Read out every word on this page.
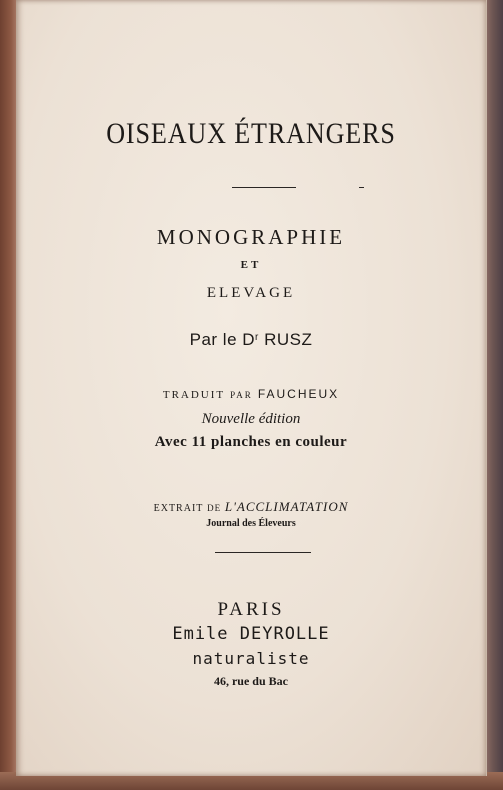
OISEAUX ÉTRANGERS
MONOGRAPHIE
ET
ELEVAGE
Par le $D^r$ RUSZ
TRADUIT PAR FAUCHEUX
Nouvelle édition
Avec 11 planches en couleur
EXTRAIT DE L'ACCLIMATATION
Journal des Éleveurs
PARIS
Emile DEYROLLE
naturaliste
46, rue du Bac
